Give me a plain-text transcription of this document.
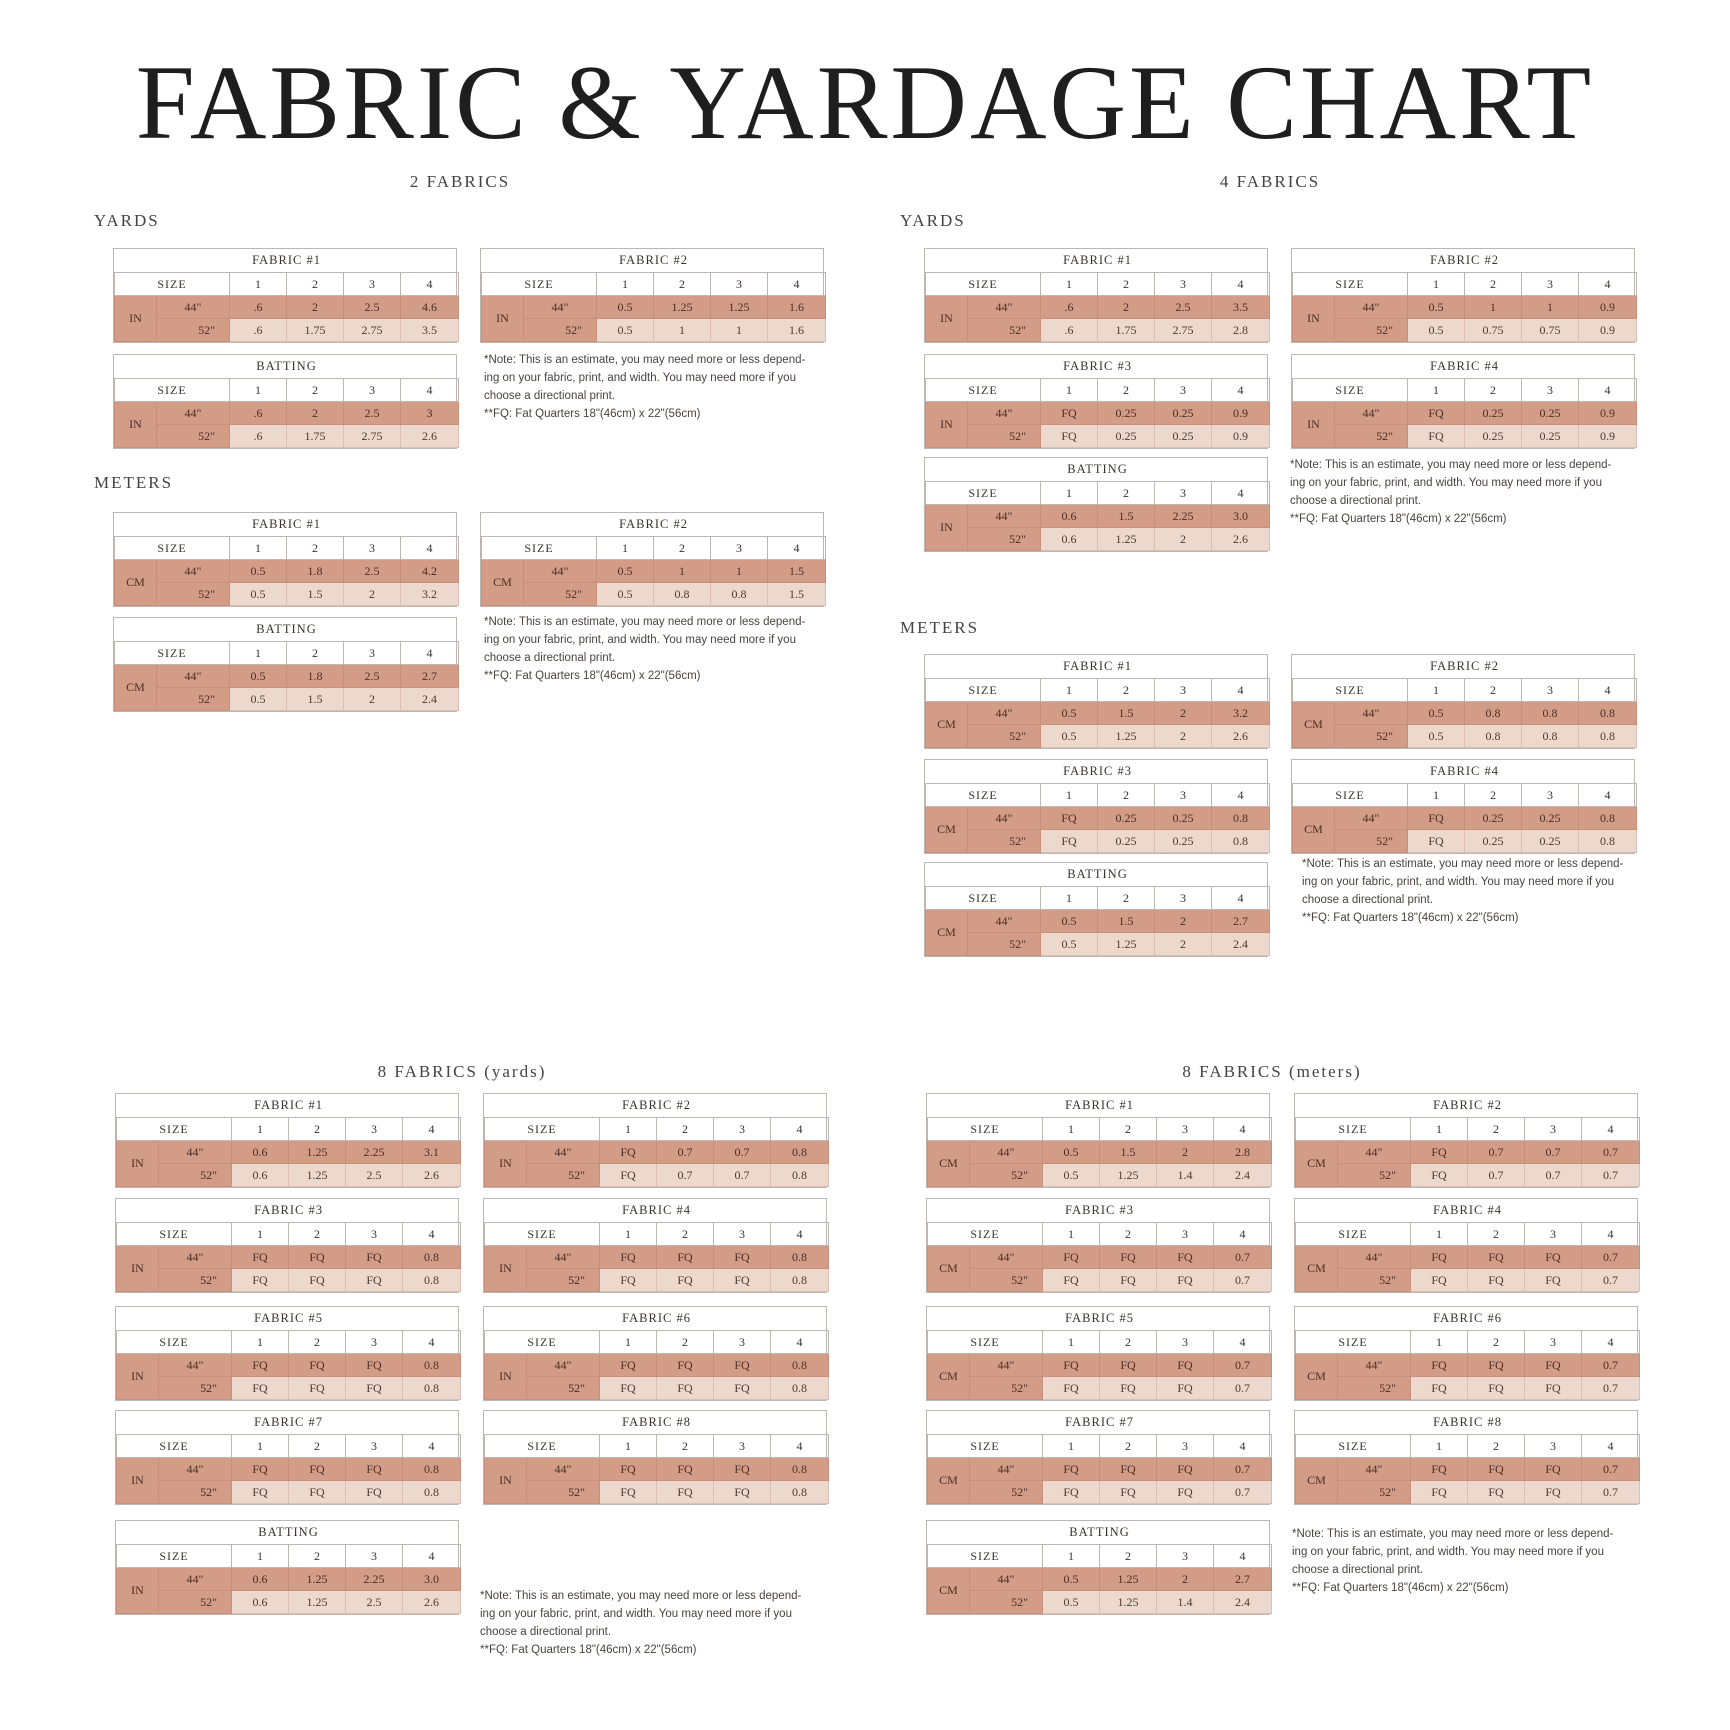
FABRIC & YARDAGE CHART
2 FABRICS	4 FABRICS
YARDS
METERS
YARDS
METERS
8 FABRICS (yards)	8 FABRICS (meters)
*Note: This is an estimate, you may need more or less depend-
ing on your fabric, print, and width. You may need more if you
choose a directional print.
**FQ: Fat Quarters 18"(46cm) x 22"(56cm)
*Note: This is an estimate, you may need more or less depend-
ing on your fabric, print, and width. You may need more if you
choose a directional print.
**FQ: Fat Quarters 18"(46cm) x 22"(56cm)
*Note: This is an estimate, you may need more or less depend-
ing on your fabric, print, and width. You may need more if you
choose a directional print.
**FQ: Fat Quarters 18"(46cm) x 22"(56cm)
*Note: This is an estimate, you may need more or less depend-
ing on your fabric, print, and width. You may need more if you
choose a directional print.
**FQ: Fat Quarters 18"(46cm) x 22"(56cm)
*Note: This is an estimate, you may need more or less depend-
ing on your fabric, print, and width. You may need more if you
choose a directional print.
**FQ: Fat Quarters 18"(46cm) x 22"(56cm)
*Note: This is an estimate, you may need more or less depend-
ing on your fabric, print, and width. You may need more if you
choose a directional print.
**FQ: Fat Quarters 18"(46cm) x 22"(56cm)
FABRIC #1					
SIZE		1	2	3	4
IN	44"	.6	2	2.5	4.6
	52"	.6	1.75	2.75	3.5
FABRIC #2					
SIZE		1	2	3	4
IN	44"	0.5	1.25	1.25	1.6
	52"	0.5	1	1	1.6
BATTING					
SIZE		1	2	3	4
IN	44"	.6	2	2.5	3
	52"	.6	1.75	2.75	2.6
FABRIC #1					
SIZE		1	2	3	4
CM	44"	0.5	1.8	2.5	4.2
	52"	0.5	1.5	2	3.2
FABRIC #2					
SIZE		1	2	3	4
CM	44"	0.5	1	1	1.5
	52"	0.5	0.8	0.8	1.5
BATTING					
SIZE		1	2	3	4
CM	44"	0.5	1.8	2.5	2.7
	52"	0.5	1.5	2	2.4
FABRIC #1					
SIZE		1	2	3	4
IN	44"	.6	2	2.5	3.5
	52"	.6	1.75	2.75	2.8
FABRIC #2					
SIZE		1	2	3	4
IN	44"	0.5	1	1	0.9
	52"	0.5	0.75	0.75	0.9
FABRIC #3					
SIZE		1	2	3	4
IN	44"	FQ	0.25	0.25	0.9
	52"	FQ	0.25	0.25	0.9
FABRIC #4					
SIZE		1	2	3	4
IN	44"	FQ	0.25	0.25	0.9
	52"	FQ	0.25	0.25	0.9
BATTING					
SIZE		1	2	3	4
IN	44"	0.6	1.5	2.25	3.0
	52"	0.6	1.25	2	2.6
FABRIC #1					
SIZE		1	2	3	4
CM	44"	0.5	1.5	2	3.2
	52"	0.5	1.25	2	2.6
FABRIC #2					
SIZE		1	2	3	4
CM	44"	0.5	0.8	0.8	0.8
	52"	0.5	0.8	0.8	0.8
FABRIC #3					
SIZE		1	2	3	4
CM	44"	FQ	0.25	0.25	0.8
	52"	FQ	0.25	0.25	0.8
FABRIC #4					
SIZE		1	2	3	4
CM	44"	FQ	0.25	0.25	0.8
	52"	FQ	0.25	0.25	0.8
BATTING					
SIZE		1	2	3	4
CM	44"	0.5	1.5	2	2.7
	52"	0.5	1.25	2	2.4
FABRIC #1					
SIZE		1	2	3	4
IN	44"	0.6	1.25	2.25	3.1
	52"	0.6	1.25	2.5	2.6
FABRIC #2					
SIZE		1	2	3	4
IN	44"	FQ	0.7	0.7	0.8
	52"	FQ	0.7	0.7	0.8
FABRIC #3					
SIZE		1	2	3	4
IN	44"	FQ	FQ	FQ	0.8
	52"	FQ	FQ	FQ	0.8
FABRIC #4					
SIZE		1	2	3	4
IN	44"	FQ	FQ	FQ	0.8
	52"	FQ	FQ	FQ	0.8
FABRIC #5					
SIZE		1	2	3	4
IN	44"	FQ	FQ	FQ	0.8
	52"	FQ	FQ	FQ	0.8
FABRIC #6					
SIZE		1	2	3	4
IN	44"	FQ	FQ	FQ	0.8
	52"	FQ	FQ	FQ	0.8
FABRIC #7					
SIZE		1	2	3	4
IN	44"	FQ	FQ	FQ	0.8
	52"	FQ	FQ	FQ	0.8
FABRIC #8					
SIZE		1	2	3	4
IN	44"	FQ	FQ	FQ	0.8
	52"	FQ	FQ	FQ	0.8
BATTING					
SIZE		1	2	3	4
IN	44"	0.6	1.25	2.25	3.0
	52"	0.6	1.25	2.5	2.6
FABRIC #1					
SIZE		1	2	3	4
CM	44"	0.5	1.5	2	2.8
	52"	0.5	1.25	1.4	2.4
FABRIC #2					
SIZE		1	2	3	4
CM	44"	FQ	0.7	0.7	0.7
	52"	FQ	0.7	0.7	0.7
FABRIC #3					
SIZE		1	2	3	4
CM	44"	FQ	FQ	FQ	0.7
	52"	FQ	FQ	FQ	0.7
FABRIC #4					
SIZE		1	2	3	4
CM	44"	FQ	FQ	FQ	0.7
	52"	FQ	FQ	FQ	0.7
FABRIC #5					
SIZE		1	2	3	4
CM	44"	FQ	FQ	FQ	0.7
	52"	FQ	FQ	FQ	0.7
FABRIC #6					
SIZE		1	2	3	4
CM	44"	FQ	FQ	FQ	0.7
	52"	FQ	FQ	FQ	0.7
FABRIC #7					
SIZE		1	2	3	4
CM	44"	FQ	FQ	FQ	0.7
	52"	FQ	FQ	FQ	0.7
FABRIC #8					
SIZE		1	2	3	4
CM	44"	FQ	FQ	FQ	0.7
	52"	FQ	FQ	FQ	0.7
BATTING					
SIZE		1	2	3	4
CM	44"	0.5	1.25	2	2.7
	52"	0.5	1.25	1.4	2.4
